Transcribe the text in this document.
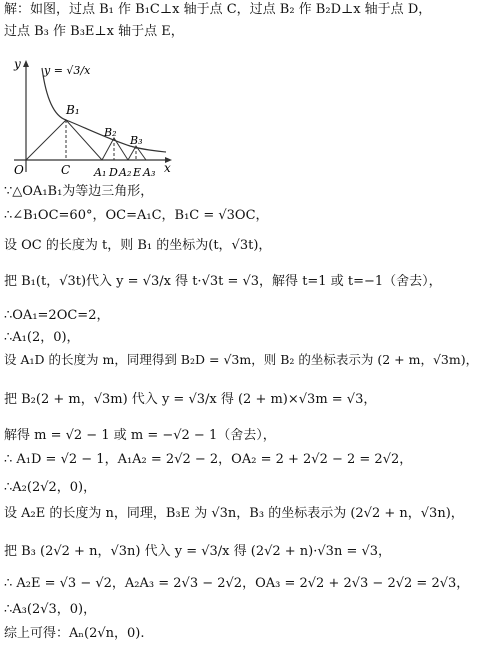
解：如图，过点 B₁ 作 B₁C⊥x 轴于点 C，过点 B₂ 作 B₂D⊥x 轴于点 D，
过点 B₃ 作 B₃E⊥x 轴于点 E，
y y = √3/x
x
O	C A₁ D A₂ E A₃
B₁
B₂
B₃
∵△OA₁B₁为等边三角形，
∴∠B₁OC=60°，OC=A₁C，B₁C = √3OC，
设 OC 的长度为 t，则 B₁ 的坐标为(t，√3t)，
把 B₁(t，√3t)代入 y = √3/x 得 t·√3t = √3，解得 t=1 或 t=−1（舍去），
∴OA₁=2OC=2，
∴A₁(2，0)，
设 A₁D 的长度为 m，同理得到 B₂D = √3m，则 B₂ 的坐标表示为 (2 + m，√3m)，
把 B₂(2 + m，√3m) 代入 y = √3/x 得 (2 + m)×√3m = √3，
解得 m = √2 − 1 或 m = −√2 − 1（舍去），
∴ A₁D = √2 − 1，A₁A₂ = 2√2 − 2，OA₂ = 2 + 2√2 − 2 = 2√2，
∴A₂(2√2，0)，
设 A₂E 的长度为 n，同理，B₃E 为 √3n，B₃ 的坐标表示为 (2√2 + n，√3n)，
把 B₃ (2√2 + n，√3n) 代入 y = √3/x 得 (2√2 + n)·√3n = √3，
∴ A₂E = √3 − √2，A₂A₃ = 2√3 − 2√2，OA₃ = 2√2 + 2√3 − 2√2 = 2√3，
∴A₃(2√3，0)，
综上可得：Aₙ(2√n，0).
